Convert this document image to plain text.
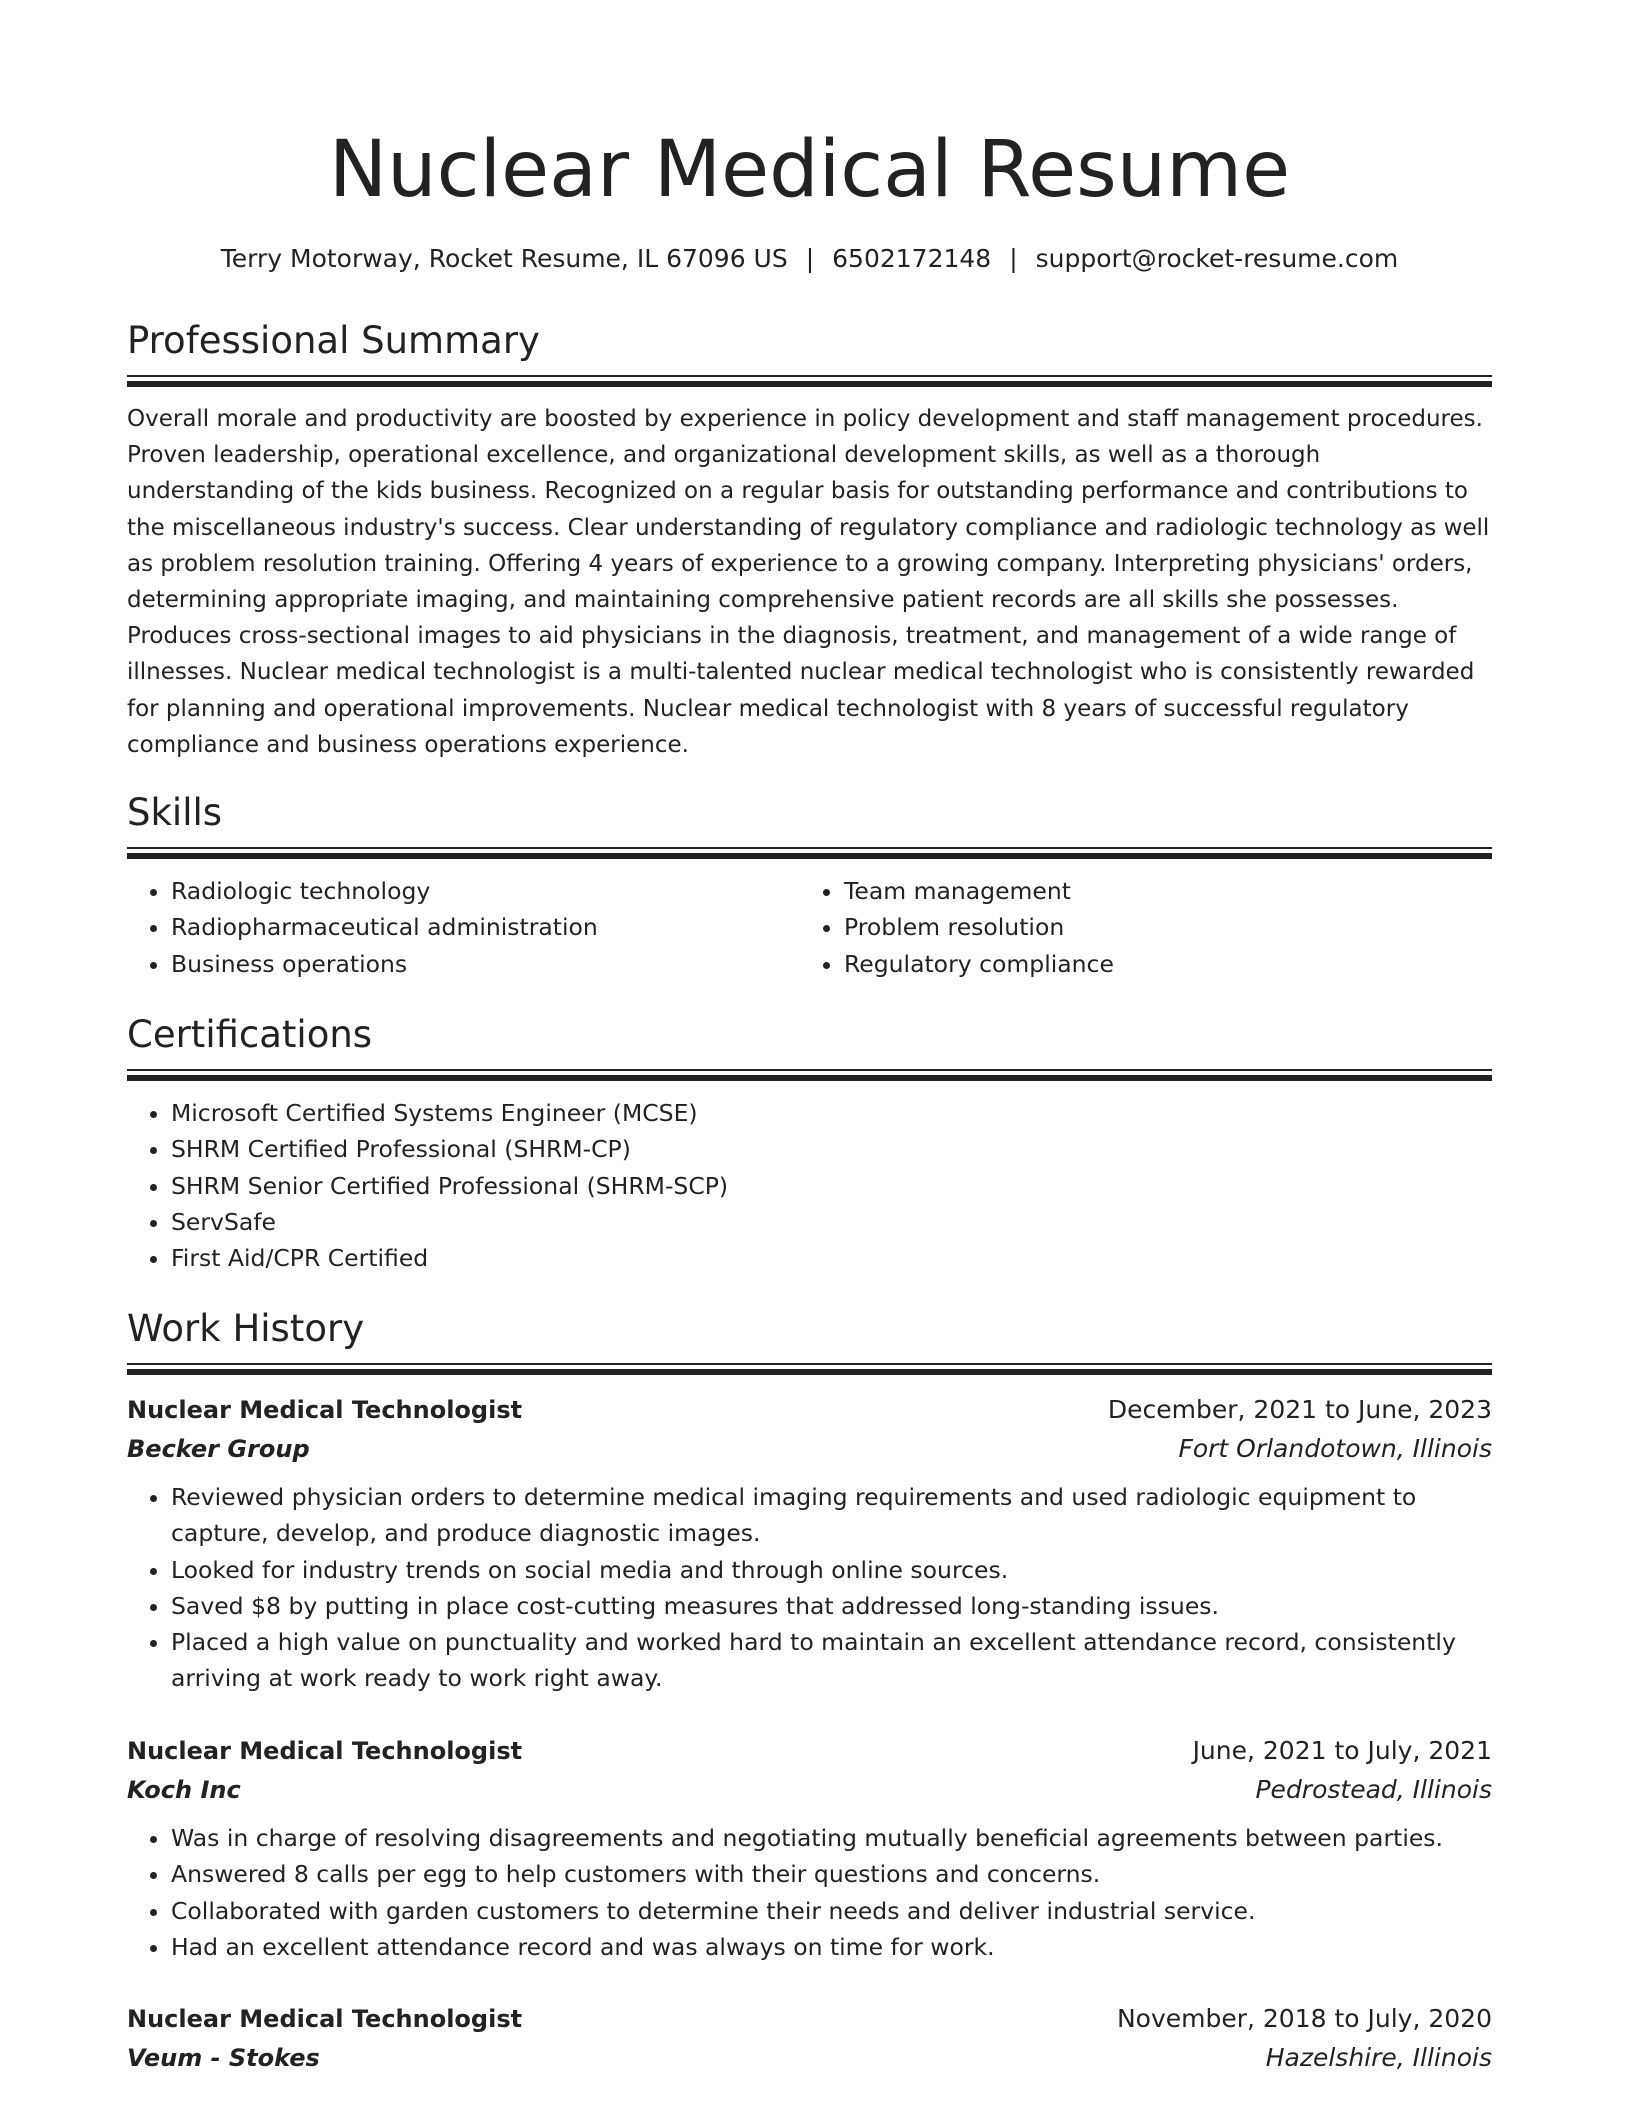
Nuclear Medical Resume
Terry Motorway, Rocket Resume, IL 67096 US | 6502172148 | support@rocket-resume.com
Professional Summary

Overall morale and productivity are boosted by experience in policy development and staff management procedures. Proven leadership, operational excellence, and organizational development skills, as well as a thorough understanding of the kids business. Recognized on a regular basis for outstanding performance and contributions to the miscellaneous industry's success. Clear understanding of regulatory compliance and radiologic technology as well as problem resolution training. Offering 4 years of experience to a growing company. Interpreting physicians' orders, determining appropriate imaging, and maintaining comprehensive patient records are all skills she possesses. Produces cross-sectional images to aid physicians in the diagnosis, treatment, and management of a wide range of illnesses. Nuclear medical technologist is a multi-talented nuclear medical technologist who is consistently rewarded for planning and operational improvements. Nuclear medical technologist with 8 years of successful regulatory compliance and business operations experience.

Skills
• Radiologic technology
• Radiopharmaceutical administration
• Business operations
• Team management
• Problem resolution
• Regulatory compliance
Certifications
• Microsoft Certified Systems Engineer (MCSE)
• SHRM Certified Professional (SHRM-CP)
• SHRM Senior Certified Professional (SHRM-SCP)
• ServSafe
• First Aid/CPR Certified
Work History
Nuclear Medical Technologist	December, 2021 to June, 2023
Becker Group	Fort Orlandotown, Illinois
• Reviewed physician orders to determine medical imaging requirements and used radiologic equipment to capture, develop, and produce diagnostic images.
• Looked for industry trends on social media and through online sources.
• Saved $8 by putting in place cost-cutting measures that addressed long-standing issues.
• Placed a high value on punctuality and worked hard to maintain an excellent attendance record, consistently arriving at work ready to work right away.
Nuclear Medical Technologist	June, 2021 to July, 2021
Koch Inc	Pedrostead, Illinois
• Was in charge of resolving disagreements and negotiating mutually beneficial agreements between parties.
• Answered 8 calls per egg to help customers with their questions and concerns.
• Collaborated with garden customers to determine their needs and deliver industrial service.
• Had an excellent attendance record and was always on time for work.
Nuclear Medical Technologist	November, 2018 to July, 2020
Veum - Stokes	Hazelshire, Illinois
